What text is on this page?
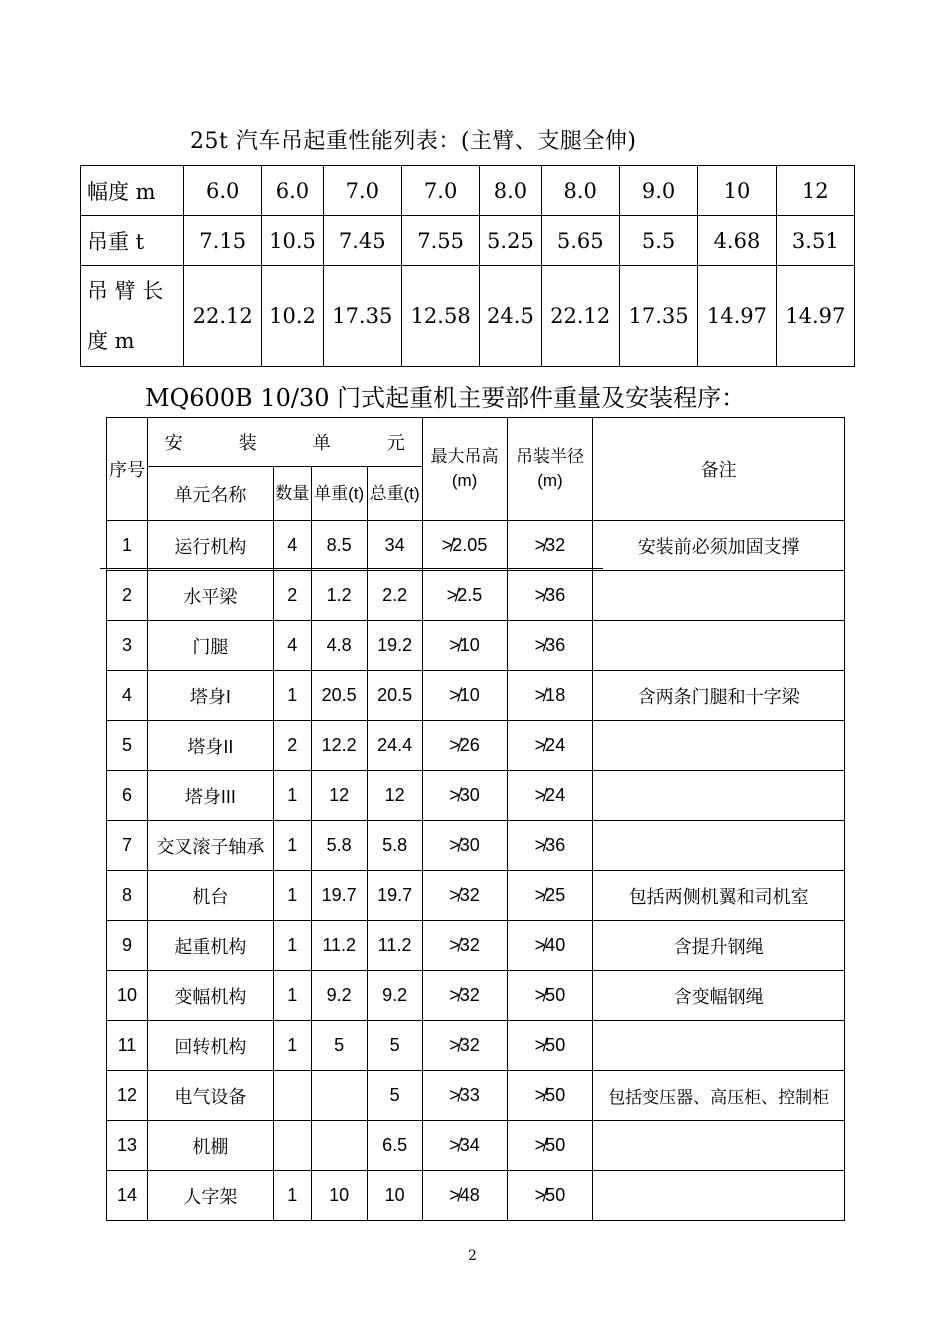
25t 汽车吊起重性能列表：(主臂、支腿全伸)
幅度 m	6.0	6.0	7.0	7.0	8.0	8.0	9.0	10	12
吊重 t	7.15	10.5	7.45	7.55	5.25	5.65	5.5	4.68	3.51
吊 臂 长 度 m	22.12	10.2	17.35	12.58	24.5	22.12	17.35	14.97	14.97
MQ600B 10/30 门式起重机主要部件重量及安装程序：
序号	安 装 单 元				最大吊高(m)	吊装半径(m)	备注
	单元名称	数量	单重(t)	总重(t)			
1	运行机构	4	8.5	34	≯2.05	≯32	安装前必须加固支撑
2	水平梁	2	1.2	2.2	≯2.5	≯36	
3	门腿	4	4.8	19.2	≯10	≯36	
4	塔身I	1	20.5	20.5	≯10	≯18	含两条门腿和十字梁
5	塔身II	2	12.2	24.4	≯26	≯24	
6	塔身III	1	12	12	≯30	≯24	
7	交叉滚子轴承	1	5.8	5.8	≯30	≯36	
8	机台	1	19.7	19.7	≯32	≯25	包括两侧机翼和司机室
9	起重机构	1	11.2	11.2	≯32	≯40	含提升钢绳
10	变幅机构	1	9.2	9.2	≯32	≯50	含变幅钢绳
11	回转机构	1	5	5	≯32	≯50	
12	电气设备			5	≯33	≯50	包括变压器、高压柜、控制柜
13	机棚			6.5	≯34	≯50	
14	人字架	1	10	10	≯48	≯50	
2
